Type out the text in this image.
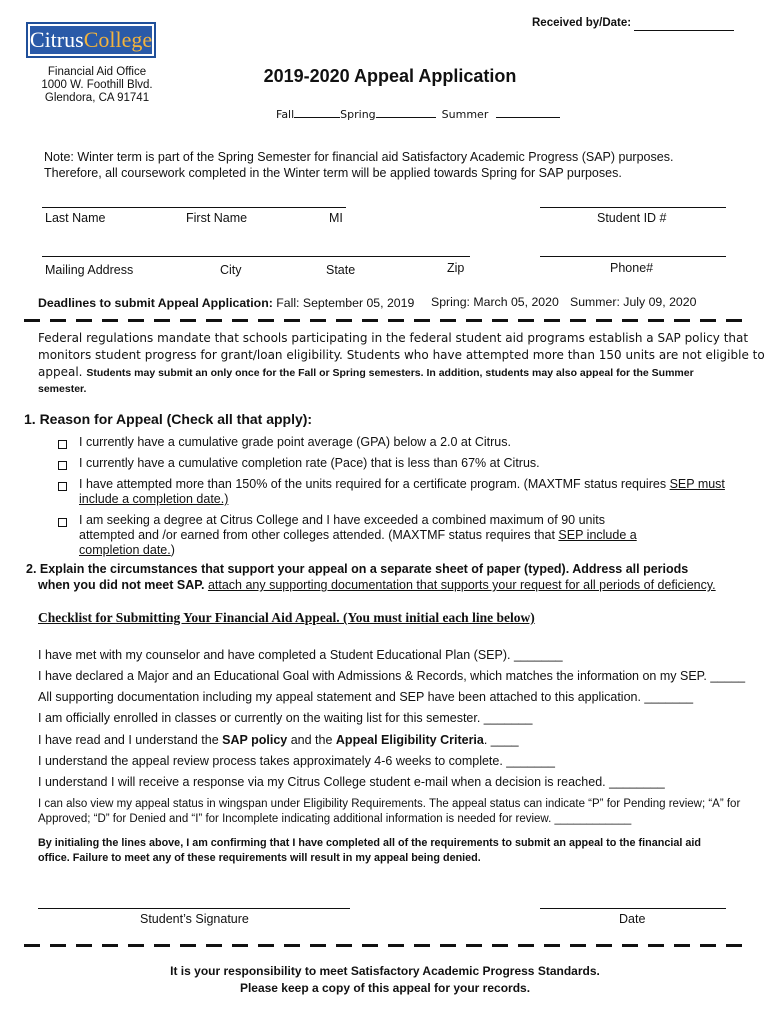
Received by/Date:
CitrusCollege
Financial Aid Office
1000 W. Foothill Blvd.
Glendora, CA 91741
2019-2020 Appeal Application
Fall	Spring	Summer
Note: Winter term is part of the Spring Semester for financial aid Satisfactory Academic Progress (SAP) purposes.
Therefore, all coursework completed in the Winter term will be applied towards Spring for SAP purposes.
Last Name	First Name	MI	Student ID #
Mailing Address	City	State	Zip	Phone#
Deadlines to submit Appeal Application: Fall: September 05, 2019 Spring: March 05, 2020 Summer: July 09, 2020
Federal regulations mandate that schools participating in the federal student aid programs establish a SAP policy that
monitors student progress for grant/loan eligibility. Students who have attempted more than 150 units are not eligible to
appeal. Students may submit an only once for the Fall or Spring semesters. In addition, students may also appeal for the Summer
semester.
1. Reason for Appeal (Check all that apply):
I currently have a cumulative grade point average (GPA) below a 2.0 at Citrus.
I currently have a cumulative completion rate (Pace) that is less than 67% at Citrus.
I have attempted more than 150% of the units required for a certificate program. (MAXTMF status requires SEP must
include a completion date.)
I am seeking a degree at Citrus College and I have exceeded a combined maximum of 90 units
attempted and /or earned from other colleges attended. (MAXTMF status requires that SEP include a
completion date.)
2. Explain the circumstances that support your appeal on a separate sheet of paper (typed). Address all periods
when you did not meet SAP. attach any supporting documentation that supports your request for all periods of deficiency.
Checklist for Submitting Your Financial Aid Appeal. (You must initial each line below)
I have met with my counselor and have completed a Student Educational Plan (SEP). _______
I have declared a Major and an Educational Goal with Admissions & Records, which matches the information on my SEP. _____
All supporting documentation including my appeal statement and SEP have been attached to this application. _______
I am officially enrolled in classes or currently on the waiting list for this semester. _______
I have read and I understand the SAP policy and the Appeal Eligibility Criteria. ____
I understand the appeal review process takes approximately 4-6 weeks to complete. _______
I understand I will receive a response via my Citrus College student e-mail when a decision is reached. ________
I can also view my appeal status in wingspan under Eligibility Requirements. The appeal status can indicate “P” for Pending review; “A” for
Approved; “D” for Denied and “I” for Incomplete indicating additional information is needed for review. ____________
By initialing the lines above, I am confirming that I have completed all of the requirements to submit an appeal to the financial aid
office. Failure to meet any of these requirements will result in my appeal being denied.
Student’s Signature	Date
It is your responsibility to meet Satisfactory Academic Progress Standards.
Please keep a copy of this appeal for your records.
